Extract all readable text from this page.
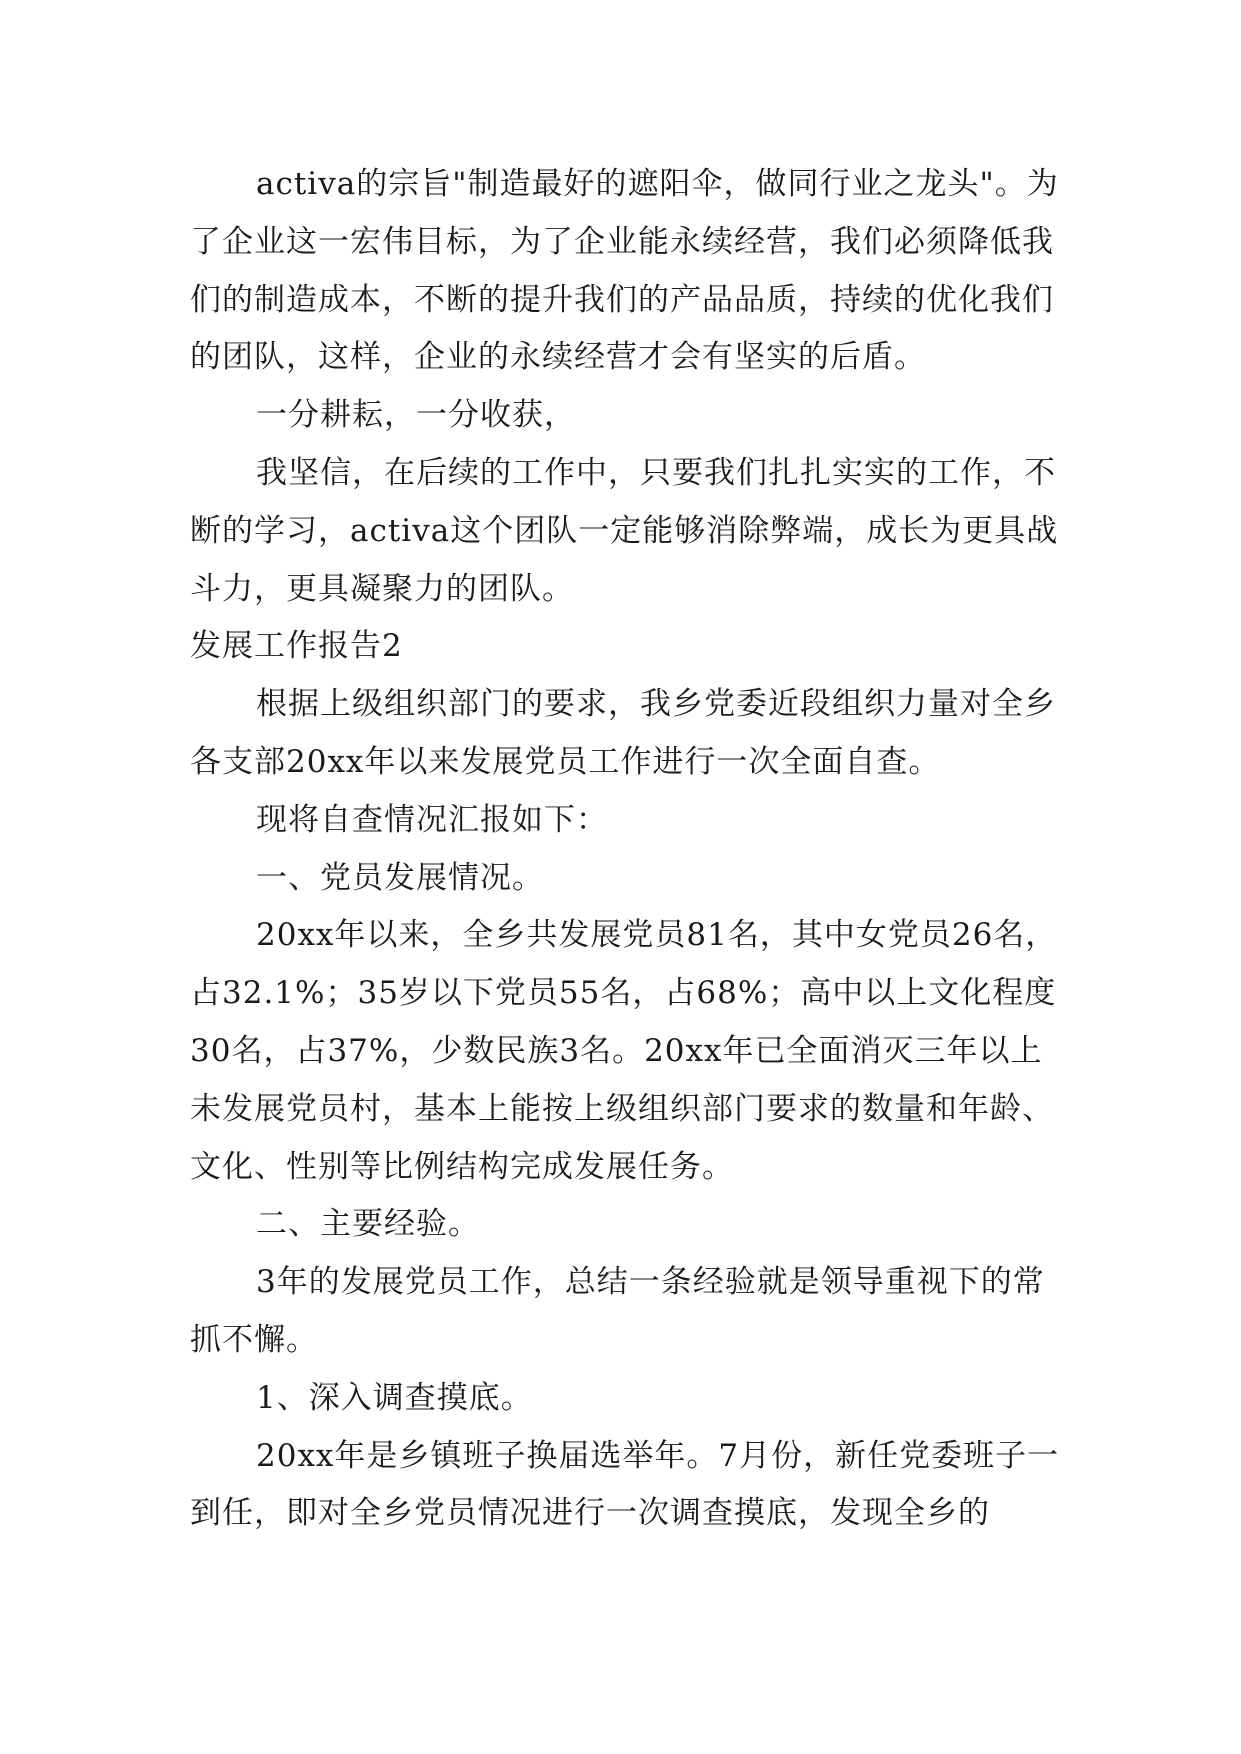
activa的宗旨"制造最好的遮阳伞，做同行业之龙头"。为了企业这一宏伟目标，为了企业能永续经营，我们必须降低我们的制造成本，不断的提升我们的产品品质，持续的优化我们的团队，这样，企业的永续经营才会有坚实的后盾。

一分耕耘，一分收获，

我坚信，在后续的工作中，只要我们扎扎实实的工作，不断的学习，activa这个团队一定能够消除弊端，成长为更具战斗力，更具凝聚力的团队。

发展工作报告2

根据上级组织部门的要求，我乡党委近段组织力量对全乡各支部20xx年以来发展党员工作进行一次全面自查。

现将自查情况汇报如下：

一、党员发展情况。

20xx年以来，全乡共发展党员81名，其中女党员26名，占32.1%；35岁以下党员55名，占68%；高中以上文化程度30名，占37%，少数民族3名。20xx年已全面消灭三年以上未发展党员村，基本上能按上级组织部门要求的数量和年龄、文化、性别等比例结构完成发展任务。

二、主要经验。

3年的发展党员工作，总结一条经验就是领导重视下的常抓不懈。

1、深入调查摸底。

20xx年是乡镇班子换届选举年。7月份，新任党委班子一到任，即对全乡党员情况进行一次调查摸底，发现全乡的
